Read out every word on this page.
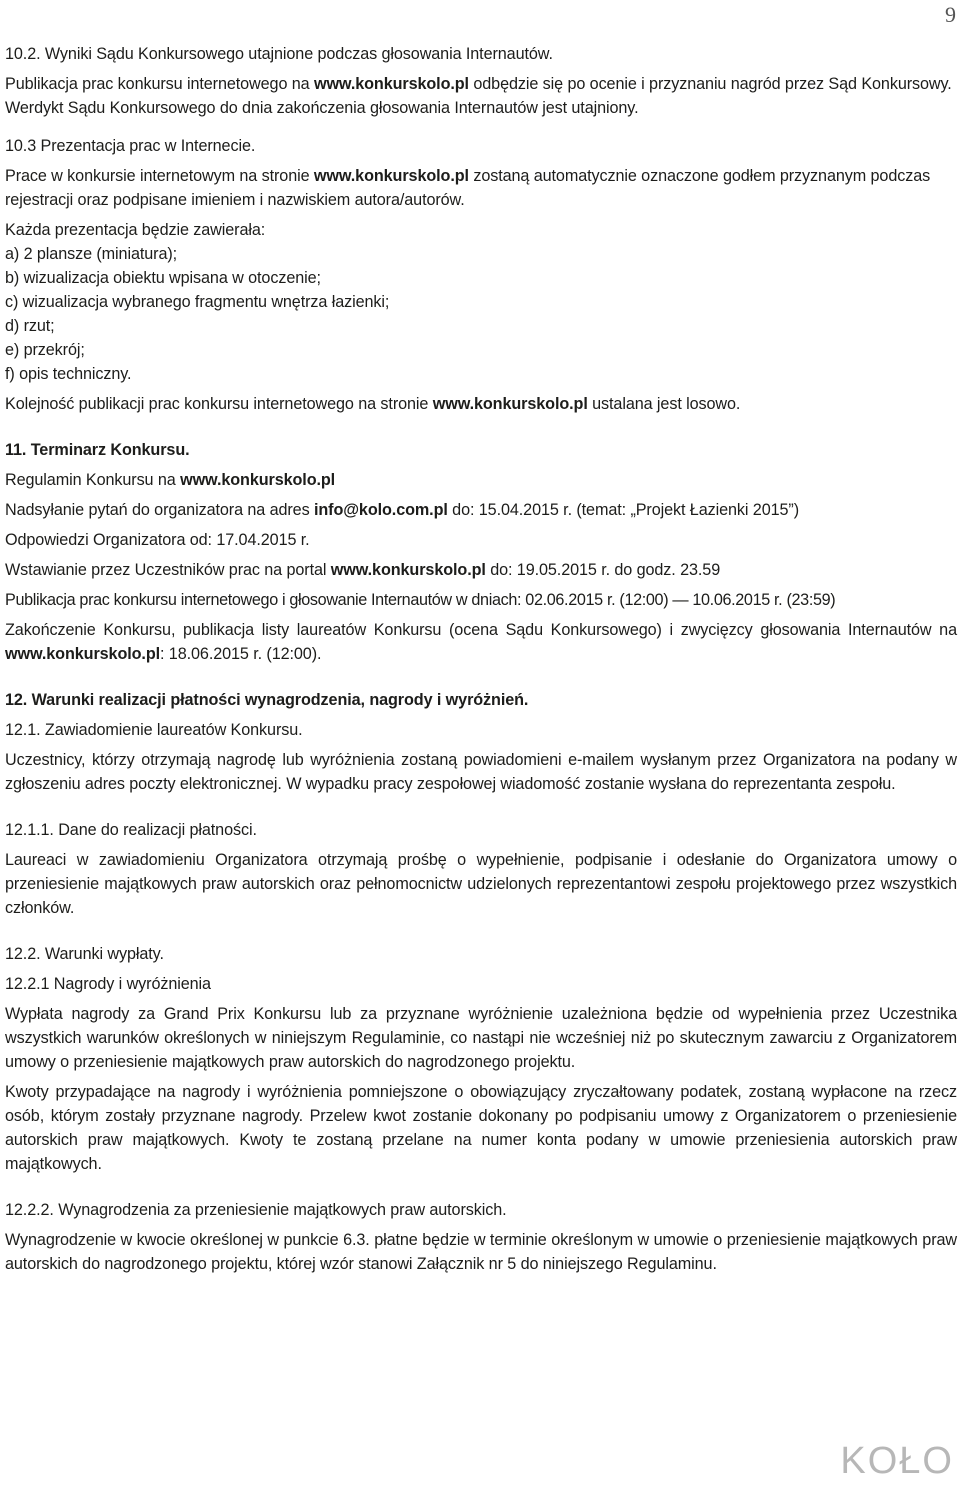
9

10.2. Wyniki Sądu Konkursowego utajnione podczas głosowania Internautów.

Publikacja prac konkursu internetowego na www.konkurskolo.pl odbędzie się po ocenie i przyznaniu nagród przez Sąd Konkursowy. Werdykt Sądu Konkursowego do dnia zakończenia głosowania Internautów jest utajniony.

10.3 Prezentacja prac w Internecie.

Prace w konkursie internetowym na stronie www.konkurskolo.pl zostaną automatycznie oznaczone godłem przyznanym podczas rejestracji oraz podpisane imieniem i nazwiskiem autora/autorów.

Każda prezentacja będzie zawierała:
a) 2 plansze (miniatura);
b) wizualizacja obiektu wpisana w otoczenie;
c) wizualizacja wybranego fragmentu wnętrza łazienki;
d) rzut;
e) przekrój;
f) opis techniczny.

Kolejność publikacji prac konkursu internetowego na stronie www.konkurskolo.pl ustalana jest losowo.

11. Terminarz Konkursu.

Regulamin Konkursu na www.konkurskolo.pl

Nadsyłanie pytań do organizatora na adres info@kolo.com.pl do: 15.04.2015 r. (temat: „Projekt Łazienki 2015”)

Odpowiedzi Organizatora od: 17.04.2015 r.

Wstawianie przez Uczestników prac na portal www.konkurskolo.pl do: 19.05.2015 r. do godz. 23.59

Publikacja prac konkursu internetowego i głosowanie Internautów w dniach: 02.06.2015 r. (12:00) — 10.06.2015 r. (23:59)

Zakończenie Konkursu, publikacja listy laureatów Konkursu (ocena Sądu Konkursowego) i zwycięzcy głosowania Internautów na www.konkurskolo.pl: 18.06.2015 r. (12:00).

12. Warunki realizacji płatności wynagrodzenia, nagrody i wyróżnień.

12.1. Zawiadomienie laureatów Konkursu.

Uczestnicy, którzy otrzymają nagrodę lub wyróżnienia zostaną powiadomieni e-mailem wysłanym przez Organizatora na podany w zgłoszeniu adres poczty elektronicznej. W wypadku pracy zespołowej wiadomość zostanie wysłana do reprezentanta zespołu.

12.1.1. Dane do realizacji płatności.

Laureaci w zawiadomieniu Organizatora otrzymają prośbę o wypełnienie, podpisanie i odesłanie do Organizatora umowy o przeniesienie majątkowych praw autorskich oraz pełnomocnictw udzielonych reprezentantowi zespołu projektowego przez wszystkich członków.

12.2. Warunki wypłaty.

12.2.1 Nagrody i wyróżnienia

Wypłata nagrody za Grand Prix Konkursu lub za przyznane wyróżnienie uzależniona będzie od wypełnienia przez Uczestnika wszystkich warunków określonych w niniejszym Regulaminie, co nastąpi nie wcześniej niż po skutecznym zawarciu z Organizatorem umowy o przeniesienie majątkowych praw autorskich do nagrodzonego projektu.

Kwoty przypadające na nagrody i wyróżnienia pomniejszone o obowiązujący zryczałtowany podatek, zostaną wypłacone na rzecz osób, którym zostały przyznane nagrody. Przelew kwot zostanie dokonany po podpisaniu umowy z Organizatorem o przeniesienie autorskich praw majątkowych. Kwoty te zostaną przelane na numer konta podany w umowie przeniesienia autorskich praw majątkowych.

12.2.2. Wynagrodzenia za przeniesienie majątkowych praw autorskich.

Wynagrodzenie w kwocie określonej w punkcie 6.3. płatne będzie w terminie określonym w umowie o przeniesienie majątkowych praw autorskich do nagrodzonego projektu, której wzór stanowi Załącznik nr 5 do niniejszego Regulaminu.

KOŁO
